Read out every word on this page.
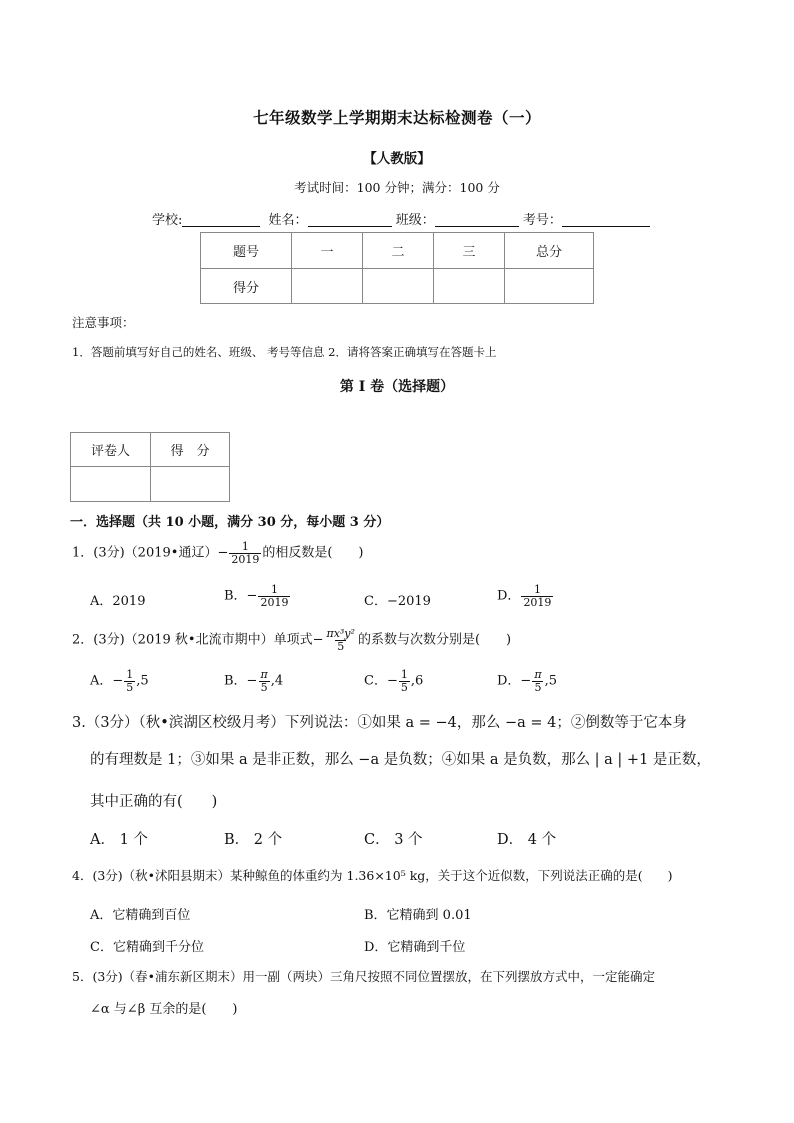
七年级数学上学期期末达标检测卷（一）
【人教版】
考试时间：100 分钟；满分：100 分
学校:	姓名：	班级：	考号：
题号	一	二	三	总分
得分				
注意事项：
1．答题前填写好自己的姓名、班级、 考号等信息 2．请将答案正确填写在答题卡上
第 I 卷（选择题）
评卷人	得　分

一．选择题（共 10 小题，满分 30 分，每小题 3 分）
1．(3分)（2019•通辽）− $\frac{1}{2019}$ 的相反数是(　　)
A．2019	B．− $\frac{1}{2019}$	C．−2019	D． $\frac{1}{2019}$
2．(3分)（2019 秋•北流市期中）单项式− $\frac{\text{πx³y²}}{5}$ 的系数与次数分别是(　　)
A．− $\frac{1}{5} ,5$	B．− $\frac{\pi}{5} ,4$	C．− $\frac{1}{5} ,6$	D．− $\frac{\pi}{5} ,5$
3.（3分）（秋•滨湖区校级月考）下列说法：①如果 a = −4，那么 −a = 4；②倒数等于它本身
的有理数是 1；③如果 a 是非正数，那么 −a 是负数；④如果 a 是负数，那么 | a | +1 是正数，
其中正确的有(　　)
A． 1 个	B． 2 个	C． 3 个	D． 4 个
4．(3分)（秋•沭阳县期末）某种鲸鱼的体重约为 1.36×10⁵ kg，关于这个近似数，下列说法正确的是(　　)
A．它精确到百位	B．它精确到 0.01
C．它精确到千分位	D．它精确到千位
5．(3分)（春•浦东新区期末）用一副（两块）三角尺按照不同位置摆放，在下列摆放方式中，一定能确定
∠α 与∠β 互余的是(　　)
